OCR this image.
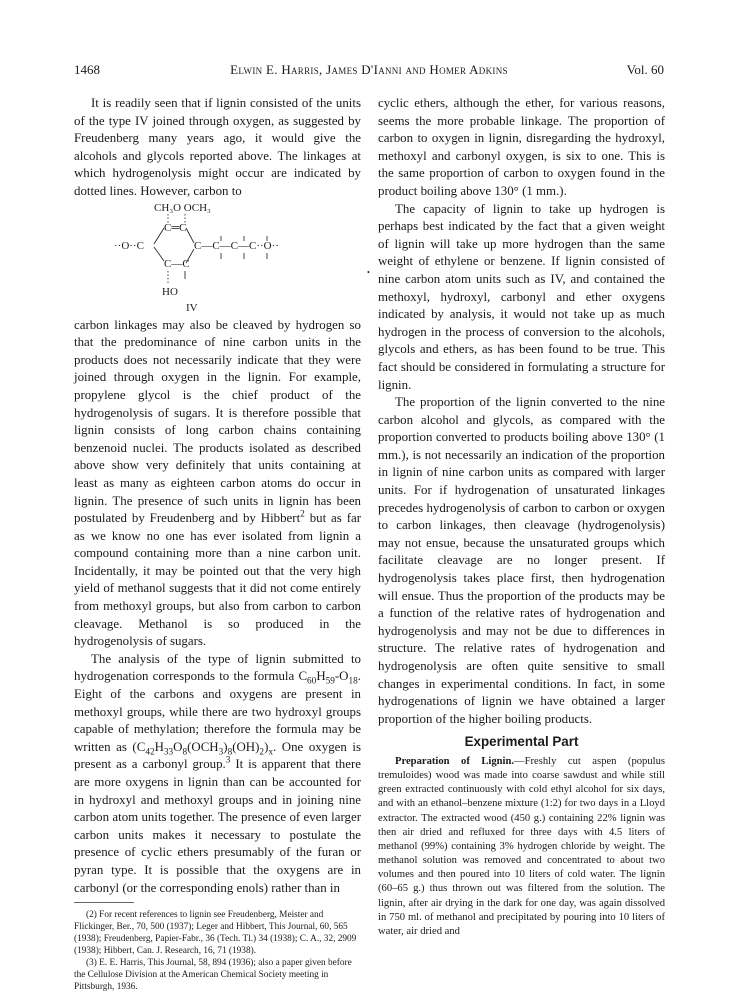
1468	Elwin E. Harris, James D'Ianni and Homer Adkins	Vol. 60

It is readily seen that if lignin consisted of the units of the type IV joined through oxygen, as suggested by Freudenberg many years ago, it would give the alcohols and glycols reported above. The linkages at which hydrogenolysis might occur are indicated by dotted lines. However, carbon to

CH₃O OCH₃
C═C
··O··C	C—C—C—C··O··
C—C
HO
IV

carbon linkages may also be cleaved by hydrogen so that the predominance of nine carbon units in the products does not necessarily indicate that they were joined through oxygen in the lignin. For example, propylene glycol is the chief product of the hydrogenolysis of sugars. It is therefore possible that lignin consists of long carbon chains containing benzenoid nuclei. The products isolated as described above show very definitely that units containing at least as many as eighteen carbon atoms do occur in lignin. The presence of such units in lignin has been postulated by Freudenberg and by Hibbert$^2$ but as far as we know no one has ever isolated from lignin a compound containing more than a nine carbon unit. Incidentally, it may be pointed out that the very high yield of methanol suggests that it did not come entirely from methoxyl groups, but also from carbon to carbon cleavage. Methanol is so produced in the hydrogenolysis of sugars.

The analysis of the type of lignin submitted to hydrogenation corresponds to the formula $C_{60}H_{59}-O_{18}$. Eight of the carbons and oxygens are present in methoxyl groups, while there are two hydroxyl groups capable of methylation; therefore the formula may be written as $(C_{42}H_{33}O_8(OCH_3)_8(OH)_2)_x$. One oxygen is present as a carbonyl group.$^3$ It is apparent that there are more oxygens in lignin than can be accounted for in hydroxyl and methoxyl groups and in joining nine carbon atom units together. The presence of even larger carbon units makes it necessary to postulate the presence of cyclic ethers presumably of the furan or pyran type. It is possible that the oxygens are in carbonyl (or the corresponding enols) rather than in

(2) For recent references to lignin see Freudenberg, Meister and Flickinger, Ber., 70, 500 (1937); Leger and Hibbert, This Journal, 60, 565 (1938); Freudenberg, Papier-Fabr., 36 (Tech. Tl.) 34 (1938); C. A., 32, 2909 (1938); Hibbert, Can. J. Research, 16, 71 (1938).

(3) E. E. Harris, This Journal, 58, 894 (1936); also a paper given before the Cellulose Division at the American Chemical Society meeting in Pittsburgh, 1936.

•

cyclic ethers, although the ether, for various reasons, seems the more probable linkage. The proportion of carbon to oxygen in lignin, disregarding the hydroxyl, methoxyl and carbonyl oxygen, is six to one. This is the same proportion of carbon to oxygen found in the product boiling above 130° (1 mm.).

The capacity of lignin to take up hydrogen is perhaps best indicated by the fact that a given weight of lignin will take up more hydrogen than the same weight of ethylene or benzene. If lignin consisted of nine carbon atom units such as IV, and contained the methoxyl, hydroxyl, carbonyl and ether oxygens indicated by analysis, it would not take up as much hydrogen in the process of conversion to the alcohols, glycols and ethers, as has been found to be true. This fact should be considered in formulating a structure for lignin.

The proportion of the lignin converted to the nine carbon alcohol and glycols, as compared with the proportion converted to products boiling above 130° (1 mm.), is not necessarily an indication of the proportion in lignin of nine carbon units as compared with larger units. For if hydrogenation of unsaturated linkages precedes hydrogenolysis of carbon to carbon or oxygen to carbon linkages, then cleavage (hydrogenolysis) may not ensue, because the unsaturated groups which facilitate cleavage are no longer present. If hydrogenolysis takes place first, then hydrogenation will ensue. Thus the proportion of the products may be a function of the relative rates of hydrogenation and hydrogenolysis and may not be due to differences in structure. The relative rates of hydrogenation and hydrogenolysis are often quite sensitive to small changes in experimental conditions. In fact, in some hydrogenations of lignin we have obtained a larger proportion of the higher boiling products.

Experimental Part

Preparation of Lignin.—Freshly cut aspen (populus tremuloides) wood was made into coarse sawdust and while still green extracted continuously with cold ethyl alcohol for six days, and with an ethanol–benzene mixture (1:2) for two days in a Lloyd extractor. The extracted wood (450 g.) containing 22% lignin was then air dried and refluxed for three days with 4.5 liters of methanol (99%) containing 3% hydrogen chloride by weight. The methanol solution was removed and concentrated to about two volumes and then poured into 10 liters of cold water. The lignin (60–65 g.) thus thrown out was filtered from the solution. The lignin, after air drying in the dark for one day, was again dissolved in 750 ml. of methanol and precipitated by pouring into 10 liters of water, air dried and
